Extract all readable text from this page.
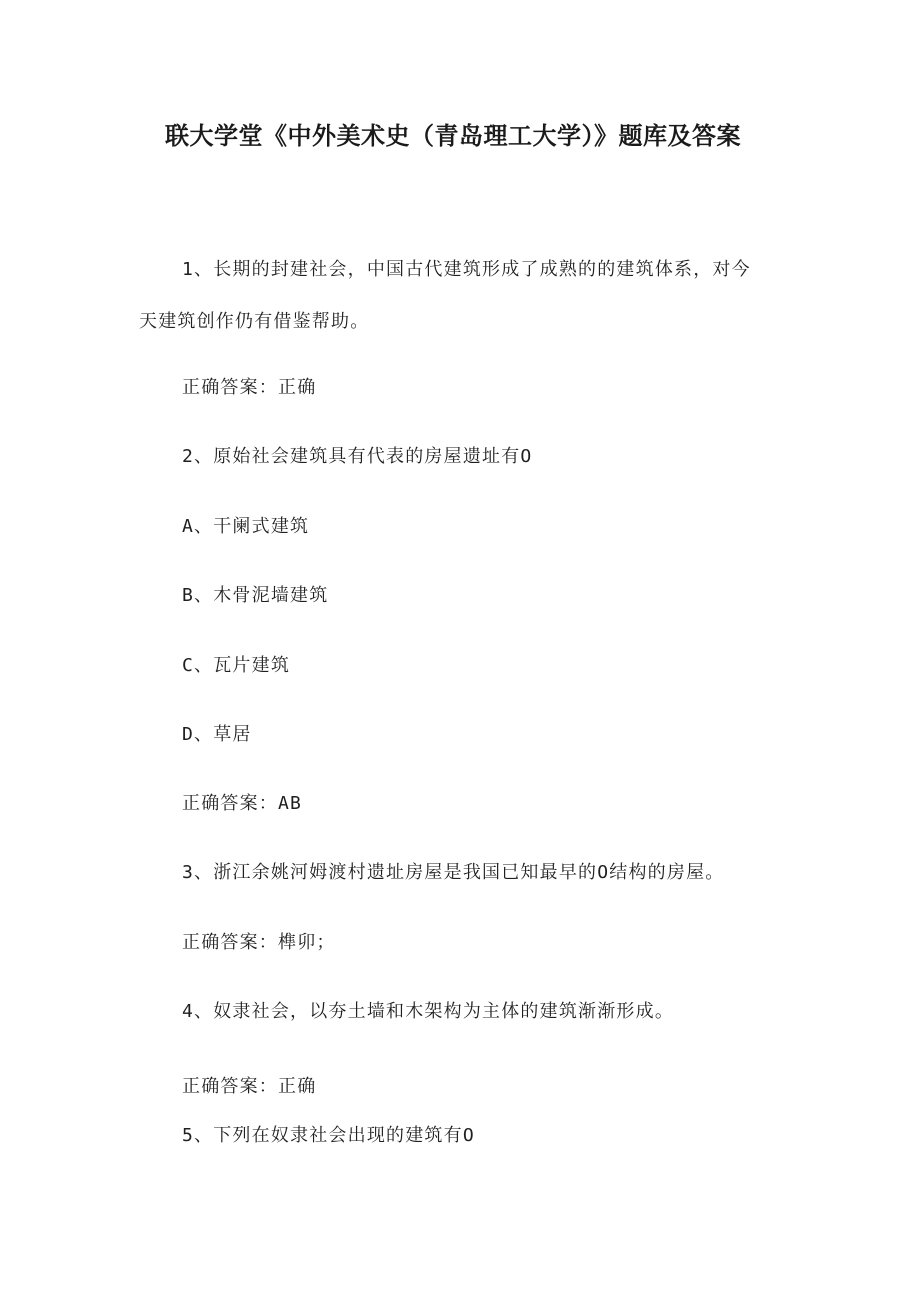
联大学堂《中外美术史（青岛理工大学）》题库及答案
1、长期的封建社会，中国古代建筑形成了成熟的的建筑体系，对今
天建筑创作仍有借鉴帮助。
正确答案：正确
2、原始社会建筑具有代表的房屋遗址有O
A、干阑式建筑
B、木骨泥墙建筑
C、瓦片建筑
D、草居
正确答案：AB
3、浙江余姚河姆渡村遗址房屋是我国已知最早的O结构的房屋。
正确答案：榫卯；
4、奴隶社会，以夯土墙和木架构为主体的建筑渐渐形成。
正确答案：正确
5、下列在奴隶社会出现的建筑有O
